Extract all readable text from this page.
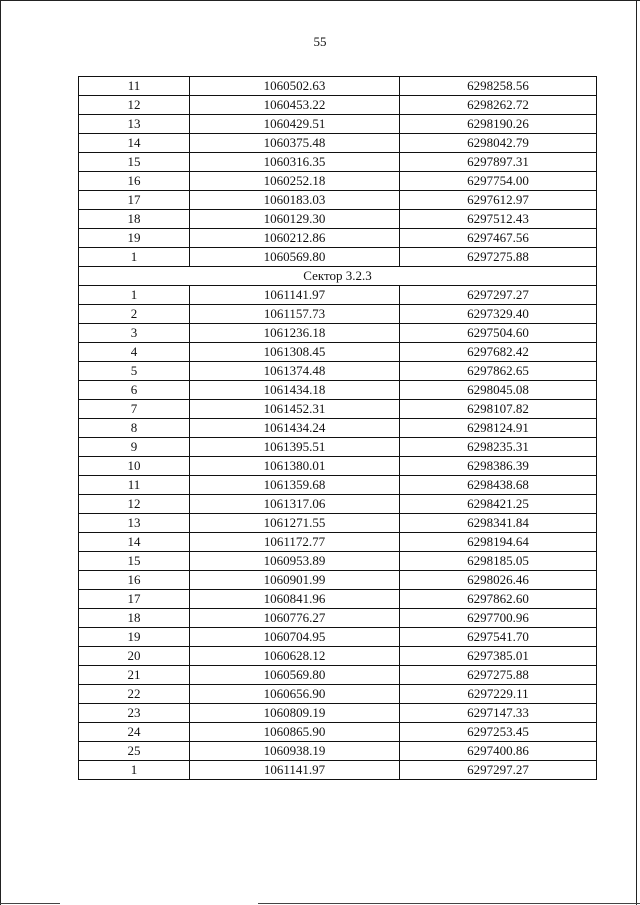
55
11	1060502.63	6298258.56
12	1060453.22	6298262.72
13	1060429.51	6298190.26
14	1060375.48	6298042.79
15	1060316.35	6297897.31
16	1060252.18	6297754.00
17	1060183.03	6297612.97
18	1060129.30	6297512.43
19	1060212.86	6297467.56
1	1060569.80	6297275.88
Сектор 3.2.3		
1	1061141.97	6297297.27
2	1061157.73	6297329.40
3	1061236.18	6297504.60
4	1061308.45	6297682.42
5	1061374.48	6297862.65
6	1061434.18	6298045.08
7	1061452.31	6298107.82
8	1061434.24	6298124.91
9	1061395.51	6298235.31
10	1061380.01	6298386.39
11	1061359.68	6298438.68
12	1061317.06	6298421.25
13	1061271.55	6298341.84
14	1061172.77	6298194.64
15	1060953.89	6298185.05
16	1060901.99	6298026.46
17	1060841.96	6297862.60
18	1060776.27	6297700.96
19	1060704.95	6297541.70
20	1060628.12	6297385.01
21	1060569.80	6297275.88
22	1060656.90	6297229.11
23	1060809.19	6297147.33
24	1060865.90	6297253.45
25	1060938.19	6297400.86
1	1061141.97	6297297.27
